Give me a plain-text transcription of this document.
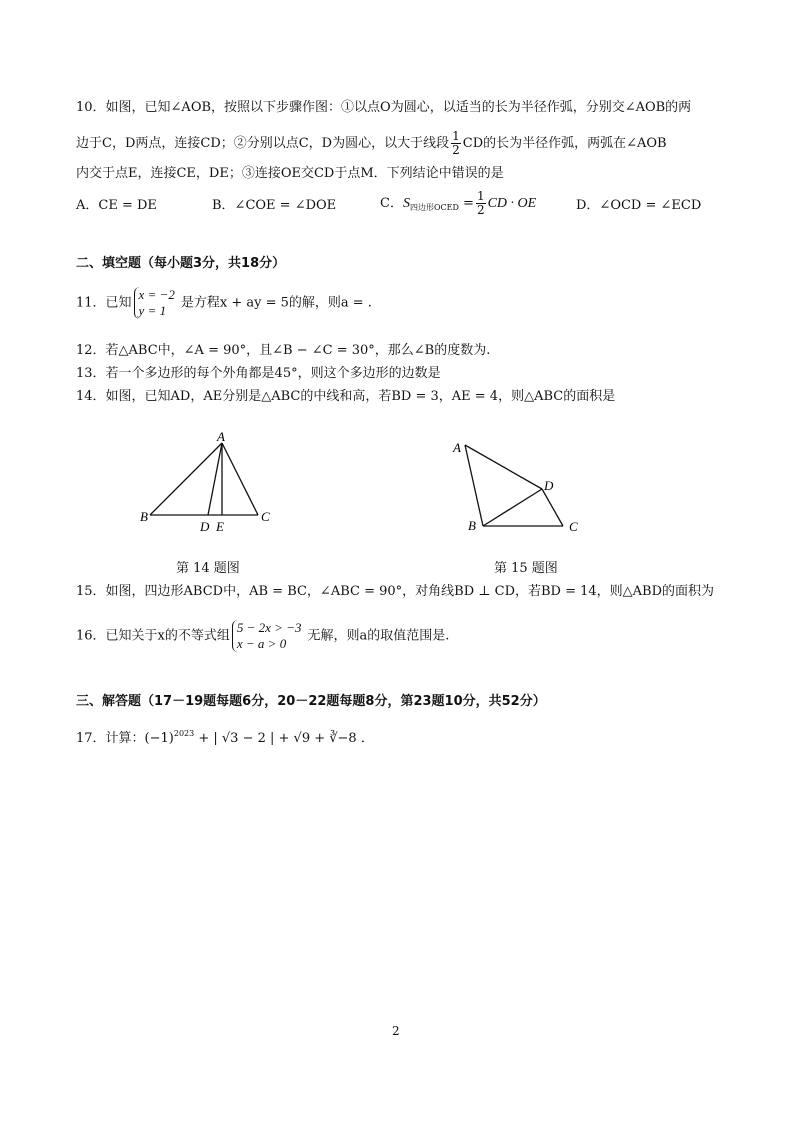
10．如图，已知∠AOB，按照以下步骤作图：①以点O为圆心，以适当的长为半径作弧，分别交∠AOB的两
边于C，D两点，连接CD；②分别以点C，D为圆心，以大于线段 $\frac{1}{2}$ CD的长为半径作弧，两弧在∠AOB
内交于点E，连接CE，DE；③连接OE交CD于点M．下列结论中错误的是
A．CE = DE	B．∠COE = ∠DOE	C．$S_{四边形OCED} = \frac{1}{2}$ CD · OE	D．∠OCD = ∠ECD
二、填空题（每小题3分，共18分）
11．已知
x = −2
y = 1	是方程x + ay = 5的解，则a = .
12．若△ABC中，∠A = 90°，且∠B − ∠C = 30°，那么∠B的度数为.
13．若一个多边形的每个外角都是45°，则这个多边形的边数是
14．如图，已知AD，AE分别是△ABC的中线和高，若BD = 3，AE = 4，则△ABC的面积是
A
B	C
D E
第 14 题图
A
B	C
D
第 15 题图
15．如图，四边形ABCD中，AB = BC，∠ABC = 90°，对角线BD ⊥ CD，若BD = 14，则△ABD的面积为
16．已知关于x的不等式组
5 − 2x > −3
x − a > 0	无解，则a的取值范围是.
三、解答题（17－19题每题6分，20－22题每题8分，第23题10分，共52分）
17．计算：$(-1)^{2023}$ + | √3 − 2 | + √9 + ∛−8 ．
2
